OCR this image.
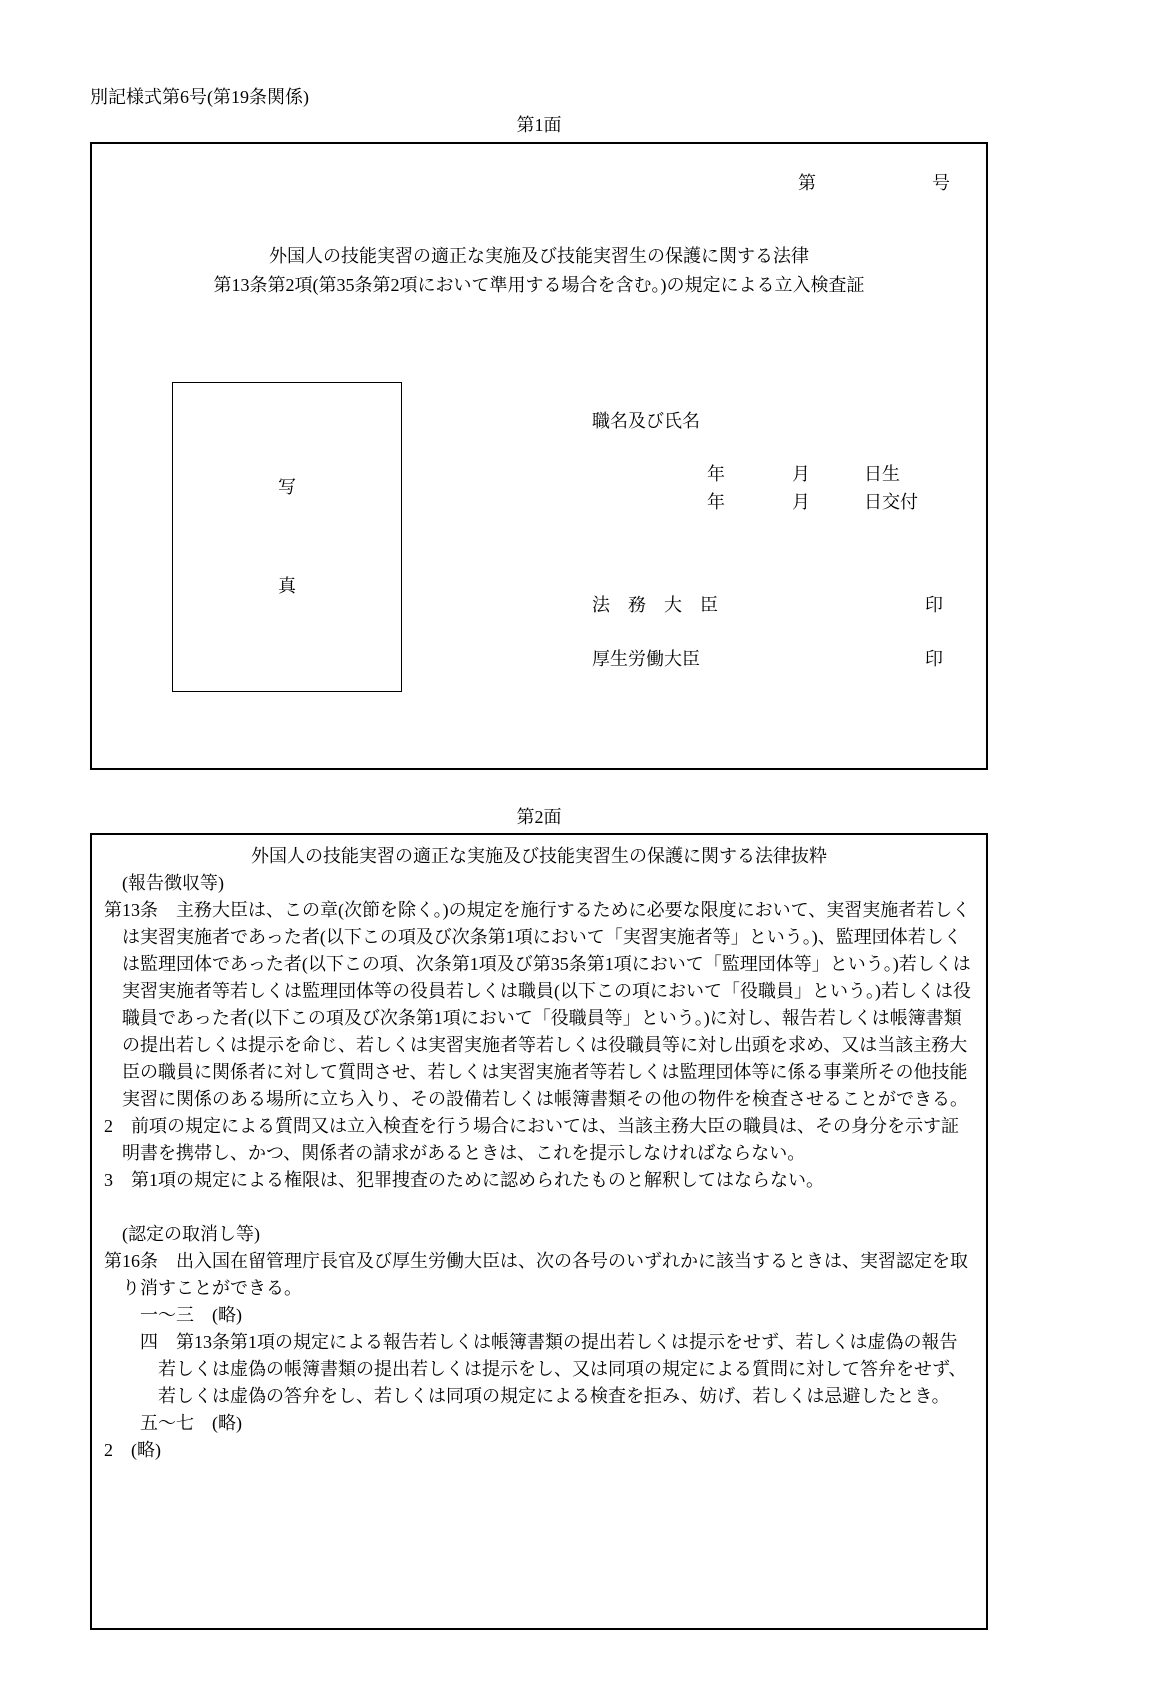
別記様式第6号(第19条関係)
第1面
第	号
外国人の技能実習の適正な実施及び技能実習生の保護に関する法律
第13条第2項(第35条第2項において準用する場合を含む。)の規定による立入検査証
写
真
職名及び氏名
年	月	日生
年	月	日交付
法　務　大　臣	印
厚生労働大臣	印
第2面
外国人の技能実習の適正な実施及び技能実習生の保護に関する法律抜粋
(報告徴収等)
第13条　主務大臣は、この章(次節を除く。)の規定を施行するために必要な限度において、実習実施者若しくは実習実施者であった者(以下この項及び次条第1項において「実習実施者等」という。)、監理団体若しくは監理団体であった者(以下この項、次条第1項及び第35条第1項において「監理団体等」という。)若しくは実習実施者等若しくは監理団体等の役員若しくは職員(以下この項において「役職員」という。)若しくは役職員であった者(以下この項及び次条第1項において「役職員等」という。)に対し、報告若しくは帳簿書類の提出若しくは提示を命じ、若しくは実習実施者等若しくは役職員等に対し出頭を求め、又は当該主務大臣の職員に関係者に対して質問させ、若しくは実習実施者等若しくは監理団体等に係る事業所その他技能実習に関係のある場所に立ち入り、その設備若しくは帳簿書類その他の物件を検査させることができる。
2　前項の規定による質問又は立入検査を行う場合においては、当該主務大臣の職員は、その身分を示す証明書を携帯し、かつ、関係者の請求があるときは、これを提示しなければならない。
3　第1項の規定による権限は、犯罪捜査のために認められたものと解釈してはならない。
(認定の取消し等)
第16条　出入国在留管理庁長官及び厚生労働大臣は、次の各号のいずれかに該当するときは、実習認定を取り消すことができる。
一〜三　(略)
四　第13条第1項の規定による報告若しくは帳簿書類の提出若しくは提示をせず、若しくは虚偽の報告若しくは虚偽の帳簿書類の提出若しくは提示をし、又は同項の規定による質問に対して答弁をせず、若しくは虚偽の答弁をし、若しくは同項の規定による検査を拒み、妨げ、若しくは忌避したとき。
五〜七　(略)
2　(略)
